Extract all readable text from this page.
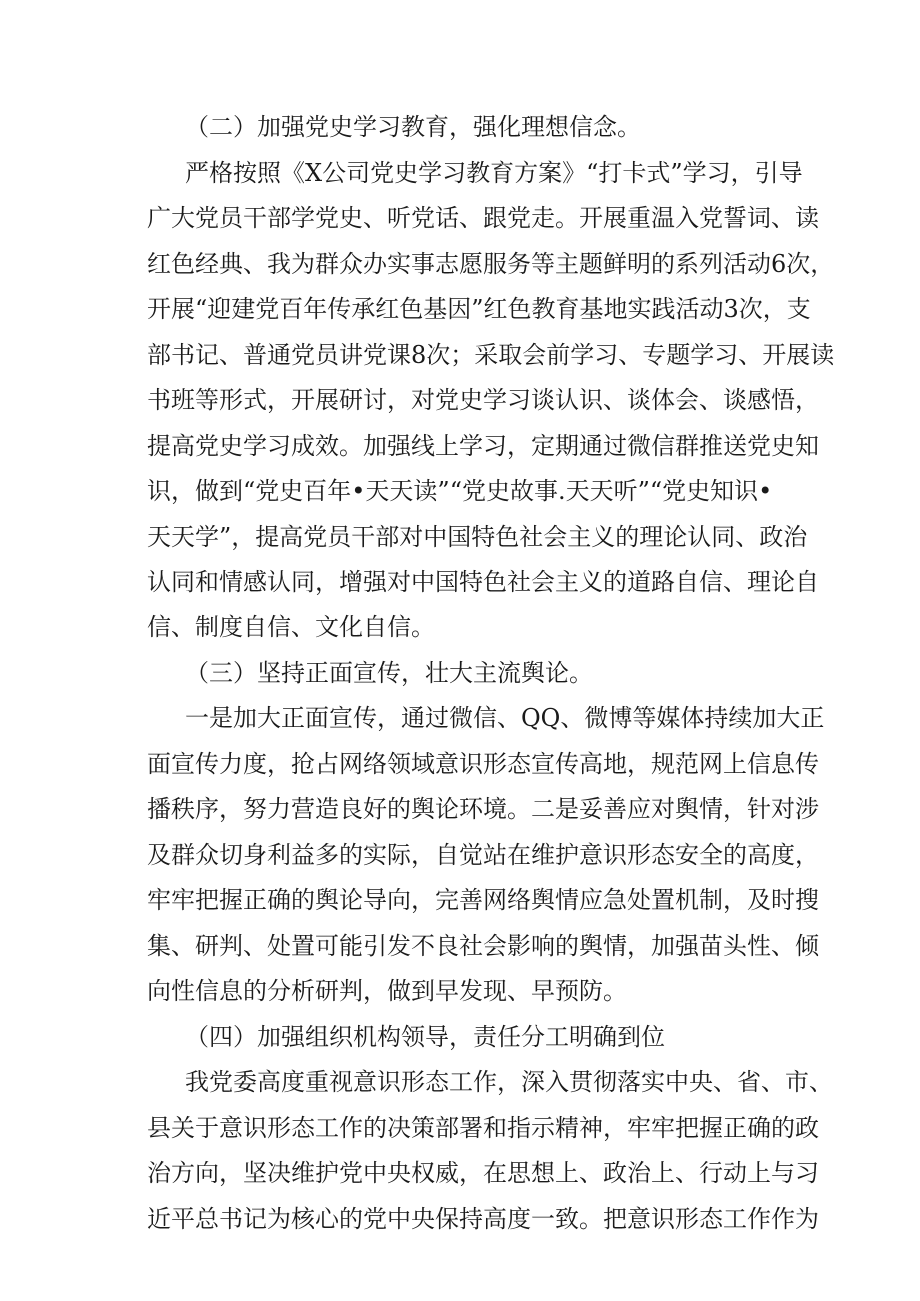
（二）加强党史学习教育，强化理想信念。
严格按照《X公司党史学习教育方案》“打卡式”学习，引导
广大党员干部学党史、听党话、跟党走。开展重温入党誓词、读
红色经典、我为群众办实事志愿服务等主题鲜明的系列活动6次，
开展“迎建党百年传承红色基因”红色教育基地实践活动3次，支
部书记、普通党员讲党课8次；采取会前学习、专题学习、开展读
书班等形式，开展研讨，对党史学习谈认识、谈体会、谈感悟，
提高党史学习成效。加强线上学习，定期通过微信群推送党史知
识，做到“党史百年•天天读”“党史故事.天天听”“党史知识•
天天学”，提高党员干部对中国特色社会主义的理论认同、政治
认同和情感认同，增强对中国特色社会主义的道路自信、理论自
信、制度自信、文化自信。
（三）坚持正面宣传，壮大主流舆论。
一是加大正面宣传，通过微信、QQ、微博等媒体持续加大正
面宣传力度，抢占网络领域意识形态宣传高地，规范网上信息传
播秩序，努力营造良好的舆论环境。二是妥善应对舆情，针对涉
及群众切身利益多的实际，自觉站在维护意识形态安全的高度，
牢牢把握正确的舆论导向，完善网络舆情应急处置机制，及时搜
集、研判、处置可能引发不良社会影响的舆情，加强苗头性、倾
向性信息的分析研判，做到早发现、早预防。
（四）加强组织机构领导，责任分工明确到位
我党委高度重视意识形态工作，深入贯彻落实中央、省、市、
县关于意识形态工作的决策部署和指示精神，牢牢把握正确的政
治方向，坚决维护党中央权威，在思想上、政治上、行动上与习
近平总书记为核心的党中央保持高度一致。把意识形态工作作为
